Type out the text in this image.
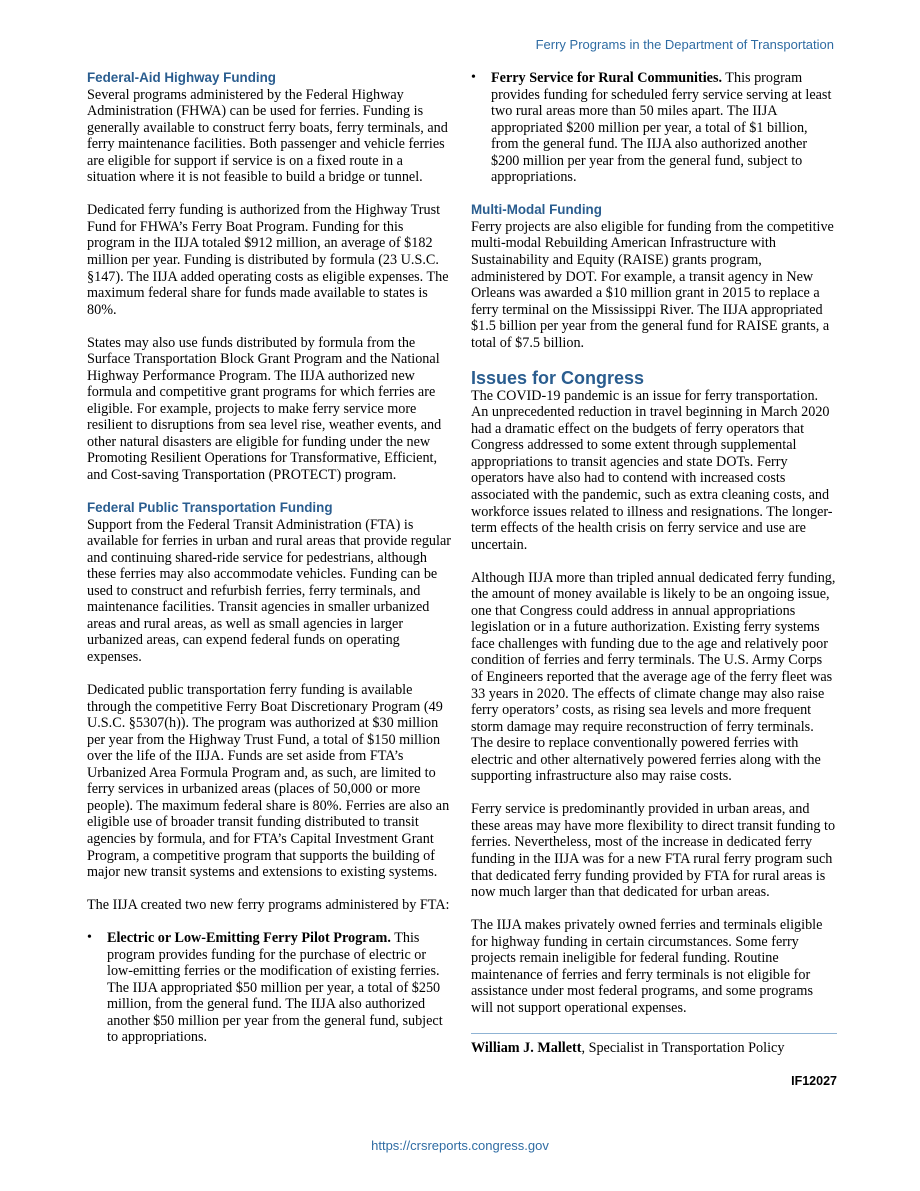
Ferry Programs in the Department of Transportation
Federal-Aid Highway Funding

Several programs administered by the Federal Highway Administration (FHWA) can be used for ferries. Funding is generally available to construct ferry boats, ferry terminals, and ferry maintenance facilities. Both passenger and vehicle ferries are eligible for support if service is on a fixed route in a situation where it is not feasible to build a bridge or tunnel.

Dedicated ferry funding is authorized from the Highway Trust Fund for FHWA’s Ferry Boat Program. Funding for this program in the IIJA totaled $912 million, an average of $182 million per year. Funding is distributed by formula (23 U.S.C. §147). The IIJA added operating costs as eligible expenses. The maximum federal share for funds made available to states is 80%.

States may also use funds distributed by formula from the Surface Transportation Block Grant Program and the National Highway Performance Program. The IIJA authorized new formula and competitive grant programs for which ferries are eligible. For example, projects to make ferry service more resilient to disruptions from sea level rise, weather events, and other natural disasters are eligible for funding under the new Promoting Resilient Operations for Transformative, Efficient, and Cost-saving Transportation (PROTECT) program.

Federal Public Transportation Funding

Support from the Federal Transit Administration (FTA) is available for ferries in urban and rural areas that provide regular and continuing shared-ride service for pedestrians, although these ferries may also accommodate vehicles. Funding can be used to construct and refurbish ferries, ferry terminals, and maintenance facilities. Transit agencies in smaller urbanized areas and rural areas, as well as small agencies in larger urbanized areas, can expend federal funds on operating expenses.

Dedicated public transportation ferry funding is available through the competitive Ferry Boat Discretionary Program (49 U.S.C. §5307(h)). The program was authorized at $30 million per year from the Highway Trust Fund, a total of $150 million over the life of the IIJA. Funds are set aside from FTA’s Urbanized Area Formula Program and, as such, are limited to ferry services in urbanized areas (places of 50,000 or more people). The maximum federal share is 80%. Ferries are also an eligible use of broader transit funding distributed to transit agencies by formula, and for FTA’s Capital Investment Grant Program, a competitive program that supports the building of major new transit systems and extensions to existing systems.

The IIJA created two new ferry programs administered by FTA:

• Electric or Low-Emitting Ferry Pilot Program. This program provides funding for the purchase of electric or low-emitting ferries or the modification of existing ferries. The IIJA appropriated $50 million per year, a total of $250 million, from the general fund. The IIJA also authorized another $50 million per year from the general fund, subject to appropriations.
• Ferry Service for Rural Communities. This program provides funding for scheduled ferry service serving at least two rural areas more than 50 miles apart. The IIJA appropriated $200 million per year, a total of $1 billion, from the general fund. The IIJA also authorized another $200 million per year from the general fund, subject to appropriations.
Multi-Modal Funding

Ferry projects are also eligible for funding from the competitive multi-modal Rebuilding American Infrastructure with Sustainability and Equity (RAISE) grants program, administered by DOT. For example, a transit agency in New Orleans was awarded a $10 million grant in 2015 to replace a ferry terminal on the Mississippi River. The IIJA appropriated $1.5 billion per year from the general fund for RAISE grants, a total of $7.5 billion.

Issues for Congress

The COVID-19 pandemic is an issue for ferry transportation. An unprecedented reduction in travel beginning in March 2020 had a dramatic effect on the budgets of ferry operators that Congress addressed to some extent through supplemental appropriations to transit agencies and state DOTs. Ferry operators have also had to contend with increased costs associated with the pandemic, such as extra cleaning costs, and workforce issues related to illness and resignations. The longer-term effects of the health crisis on ferry service and use are uncertain.

Although IIJA more than tripled annual dedicated ferry funding, the amount of money available is likely to be an ongoing issue, one that Congress could address in annual appropriations legislation or in a future authorization. Existing ferry systems face challenges with funding due to the age and relatively poor condition of ferries and ferry terminals. The U.S. Army Corps of Engineers reported that the average age of the ferry fleet was 33 years in 2020. The effects of climate change may also raise ferry operators’ costs, as rising sea levels and more frequent storm damage may require reconstruction of ferry terminals. The desire to replace conventionally powered ferries with electric and other alternatively powered ferries along with the supporting infrastructure also may raise costs.

Ferry service is predominantly provided in urban areas, and these areas may have more flexibility to direct transit funding to ferries. Nevertheless, most of the increase in dedicated ferry funding in the IIJA was for a new FTA rural ferry program such that dedicated ferry funding provided by FTA for rural areas is now much larger than that dedicated for urban areas.

The IIJA makes privately owned ferries and terminals eligible for highway funding in certain circumstances. Some ferry projects remain ineligible for federal funding. Routine maintenance of ferries and ferry terminals is not eligible for assistance under most federal programs, and some programs will not support operational expenses.

William J. Mallett, Specialist in Transportation Policy

IF12027
https://crsreports.congress.gov
